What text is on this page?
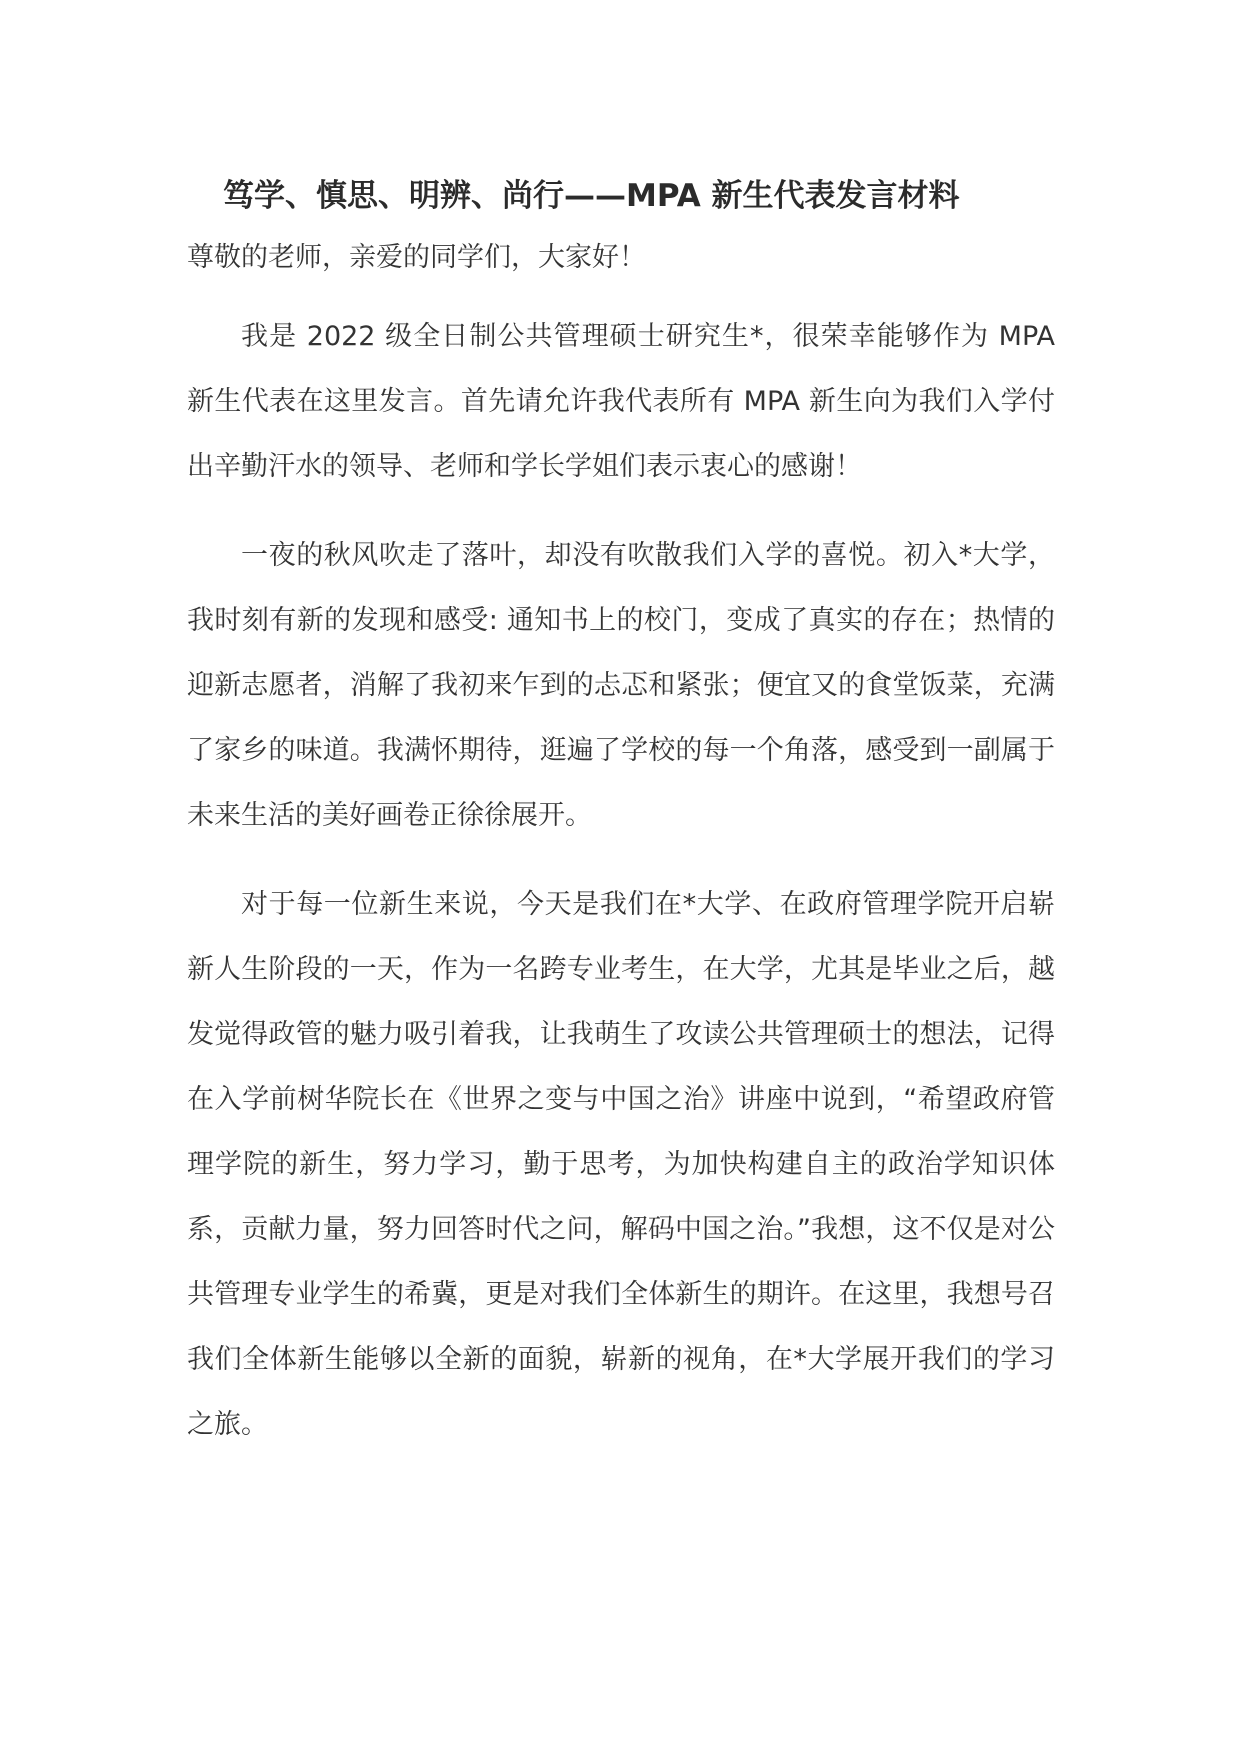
笃学、慎思、明辨、尚行——MPA 新生代表发言材料

尊敬的老师，亲爱的同学们，大家好！

我是 2022 级全日制公共管理硕士研究生*，很荣幸能够作为 MPA 新生代表在这里发言。首先请允许我代表所有 MPA 新生向为我们入学付出辛勤汗水的领导、老师和学长学姐们表示衷心的感谢！

一夜的秋风吹走了落叶，却没有吹散我们入学的喜悦。初入*大学，我时刻有新的发现和感受: 通知书上的校门，变成了真实的存在；热情的迎新志愿者，消解了我初来乍到的忐忑和紧张；便宜又的食堂饭菜，充满了家乡的味道。我满怀期待，逛遍了学校的每一个角落，感受到一副属于未来生活的美好画卷正徐徐展开。

对于每一位新生来说，今天是我们在*大学、在政府管理学院开启崭新人生阶段的一天，作为一名跨专业考生，在大学，尤其是毕业之后，越发觉得政管的魅力吸引着我，让我萌生了攻读公共管理硕士的想法，记得在入学前树华院长在《世界之变与中国之治》讲座中说到，“希望政府管理学院的新生，努力学习，勤于思考，为加快构建自主的政治学知识体系，贡献力量，努力回答时代之问，解码中国之治。”我想，这不仅是对公共管理专业学生的希冀，更是对我们全体新生的期许。在这里，我想号召我们全体新生能够以全新的面貌，崭新的视角，在*大学展开我们的学习之旅。
